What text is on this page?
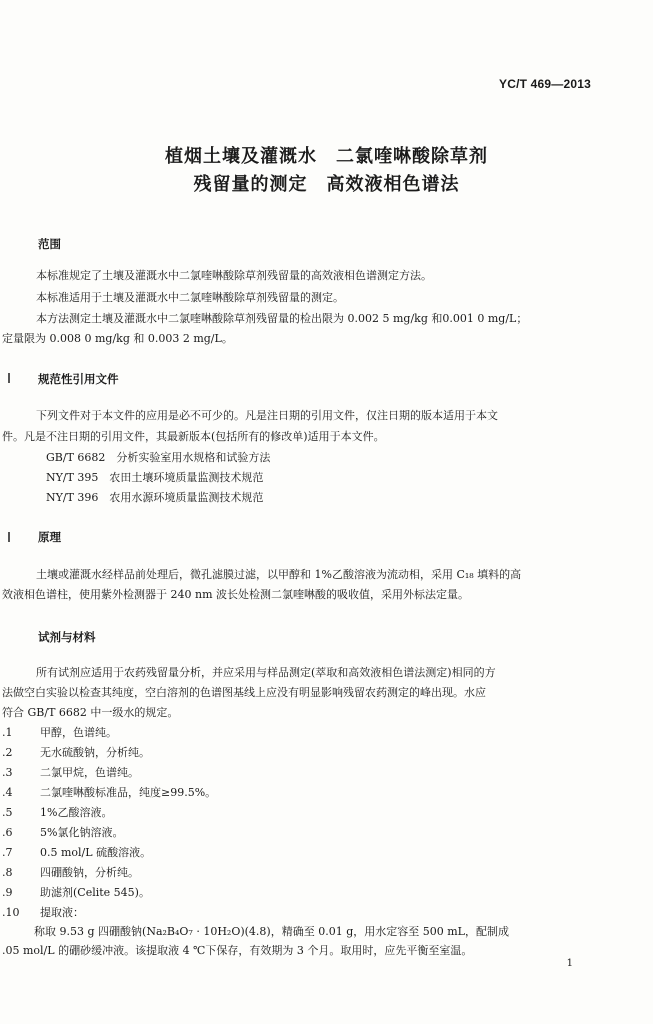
YC/T 469—2013
植烟土壤及灌溉水　二氯喹啉酸除草剂
残留量的测定　高效液相色谱法
范围
本标准规定了土壤及灌溉水中二氯喹啉酸除草剂残留量的高效液相色谱测定方法。
本标准适用于土壤及灌溉水中二氯喹啉酸除草剂残留量的测定。
本方法测定土壤及灌溉水中二氯喹啉酸除草剂残留量的检出限为 0.002 5 mg/kg 和0.001 0 mg/L；
定量限为 0.008 0 mg/kg 和 0.003 2 mg/L。
规范性引用文件
下列文件对于本文件的应用是必不可少的。凡是注日期的引用文件，仅注日期的版本适用于本文
件。凡是不注日期的引用文件，其最新版本(包括所有的修改单)适用于本文件。
GB/T 6682　分析实验室用水规格和试验方法
NY/T 395　农田土壤环境质量监测技术规范
NY/T 396　农用水源环境质量监测技术规范
原理
土壤或灌溉水经样品前处理后，微孔滤膜过滤，以甲醇和 1%乙酸溶液为流动相，采用 C₁₈ 填料的高
效液相色谱柱，使用紫外检测器于 240 nm 波长处检测二氯喹啉酸的吸收值，采用外标法定量。
试剂与材料
所有试剂应适用于农药残留量分析，并应采用与样品测定(萃取和高效液相色谱法测定)相同的方
法做空白实验以检查其纯度，空白溶剂的色谱图基线上应没有明显影响残留农药测定的峰出现。水应
符合 GB/T 6682 中一级水的规定。
.1	甲醇，色谱纯。
.2	无水硫酸钠，分析纯。
.3	二氯甲烷，色谱纯。
.4	二氯喹啉酸标准品，纯度≥99.5%。
.5	1%乙酸溶液。
.6	5%氯化钠溶液。
.7	0.5 mol/L 硫酸溶液。
.8	四硼酸钠，分析纯。
.9	助滤剂(Celite 545)。
.10 提取液：
称取 9.53 g 四硼酸钠(Na₂B₄O₇ · 10H₂O)(4.8)，精确至 0.01 g，用水定容至 500 mL，配制成
.05 mol/L 的硼砂缓冲液。该提取液 4 ℃下保存，有效期为 3 个月。取用时，应先平衡至室温。
1
